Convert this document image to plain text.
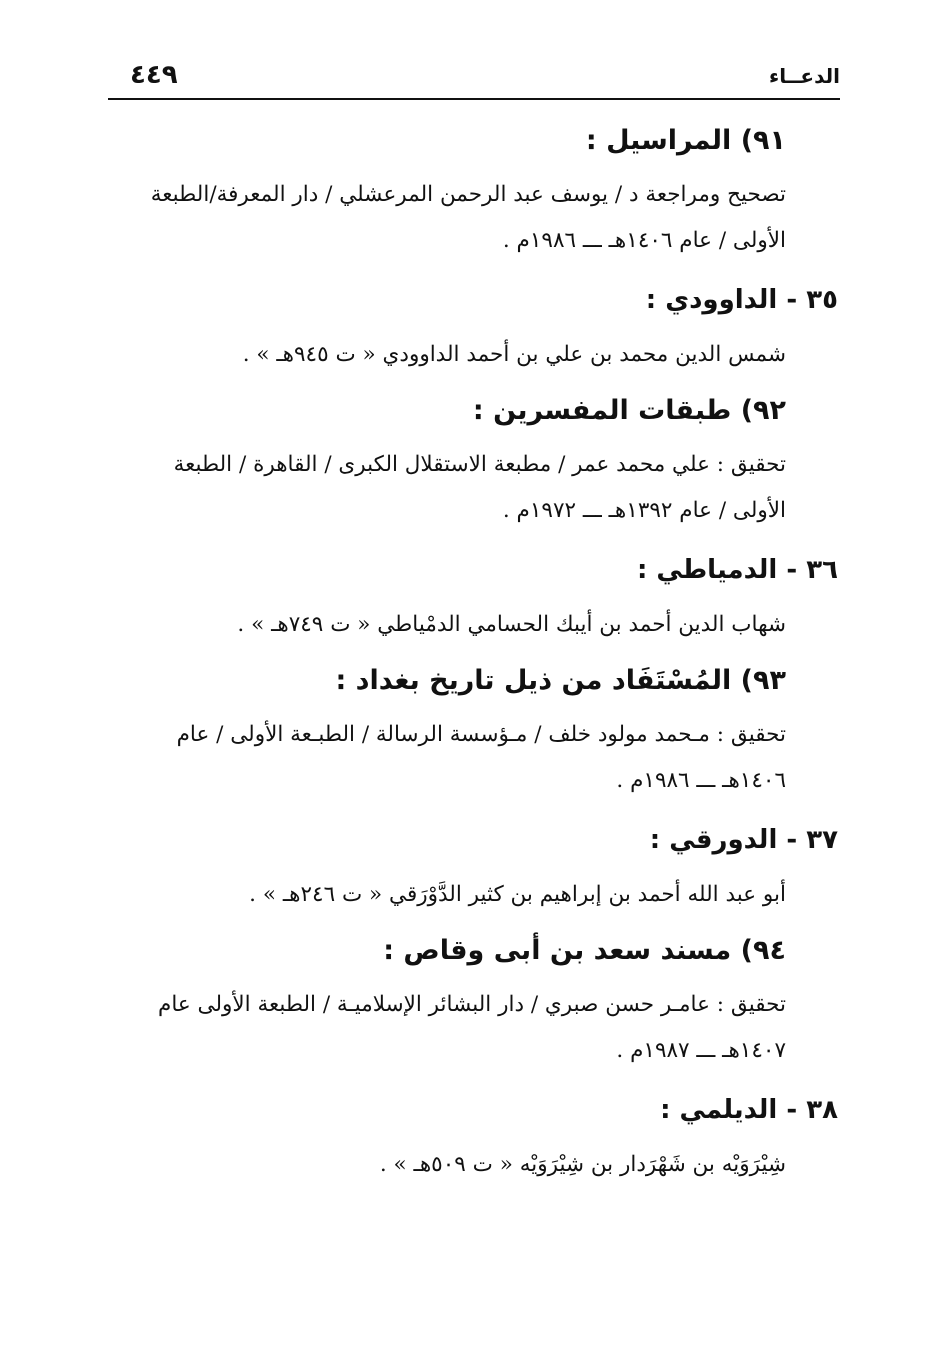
٤٤٩	الدعــاء
٩١) المراسيل :
تصحيح ومراجعة د / يوسف عبد الرحمن المرعشلي / دار المعرفة/الطبعة
الأولى / عام ١٤٠٦هـ ـــ ١٩٨٦م .
٣٥ - الداوودي :
شمس الدين محمد بن علي بن أحمد الداوودي « ت ٩٤٥هـ » .
٩٢) طبقات المفسرين :
تحقيق : علي محمد عمر / مطبعة الاستقلال الكبرى / القاهرة / الطبعة
الأولى / عام ١٣٩٢هـ ـــ ١٩٧٢م .
٣٦ - الدمياطي :
شهاب الدين أحمد بن أيبك الحسامي الدمْياطي « ت ٧٤٩هـ » .
٩٣) المُسْتَفَاد من ذيل تاريخ بغداد :
تحقيق : مـحمد مولود خلف / مـؤسسة الرسالة / الطبـعة الأولى / عام
١٤٠٦هـ ـــ ١٩٨٦م .
٣٧ - الدورقي :
أبو عبد الله أحمد بن إبراهيم بن كثير الدَّوْرَقي « ت ٢٤٦هـ » .
٩٤) مسند سعد بن أبى وقاص :
تحقيق : عامـر حسن صبري / دار البشائر الإسلاميـة / الطبعة الأولى عام
١٤٠٧هـ ـــ ١٩٨٧م .
٣٨ - الديلمي :
شِيْرَوَيْه بن شَهْرَدار بن شِيْرَوَيْه « ت ٥٠٩هـ » .
